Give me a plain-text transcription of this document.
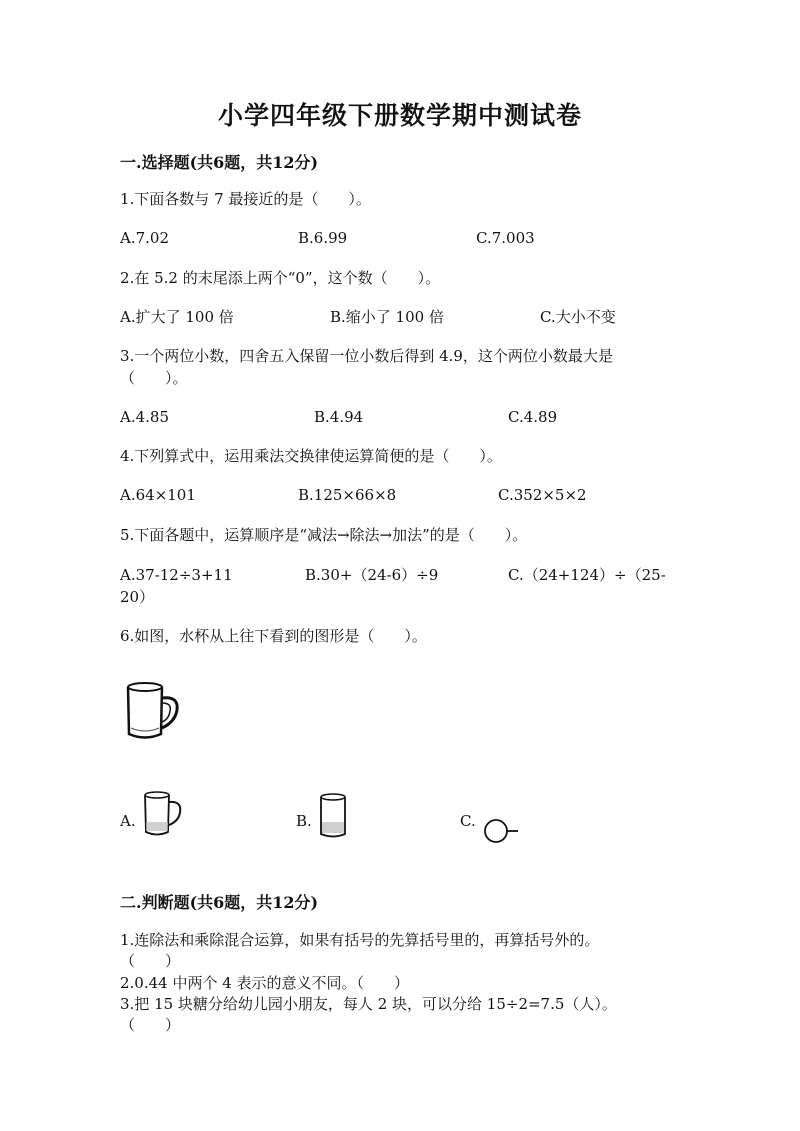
小学四年级下册数学期中测试卷
一.选择题(共6题，共12分)
1.下面各数与 7 最接近的是（　　）。
A.7.02	B.6.99	C.7.003
2.在 5.2 的末尾添上两个“0”，这个数（　　）。
A.扩大了 100 倍	B.缩小了 100 倍	C.大小不变
3.一个两位小数，四舍五入保留一位小数后得到 4.9，这个两位小数最大是
（　　）。
A.4.85	B.4.94	C.4.89
4.下列算式中，运用乘法交换律使运算简便的是（　　）。
A.64×101	B.125×66×8	C.352×5×2
5.下面各题中，运算顺序是“减法→除法→加法”的是（　　）。
A.37-12÷3+11	B.30+（24-6）÷9	C.（24+124）÷（25-
20）
6.如图，水杯从上往下看到的图形是（　　）。
A.	B.	C.
二.判断题(共6题，共12分)
1.连除法和乘除混合运算，如果有括号的先算括号里的，再算括号外的。
（　　）
2.0.44 中两个 4 表示的意义不同。（　　）
3.把 15 块糖分给幼儿园小朋友，每人 2 块，可以分给 15÷2=7.5（人）。
（　　）
